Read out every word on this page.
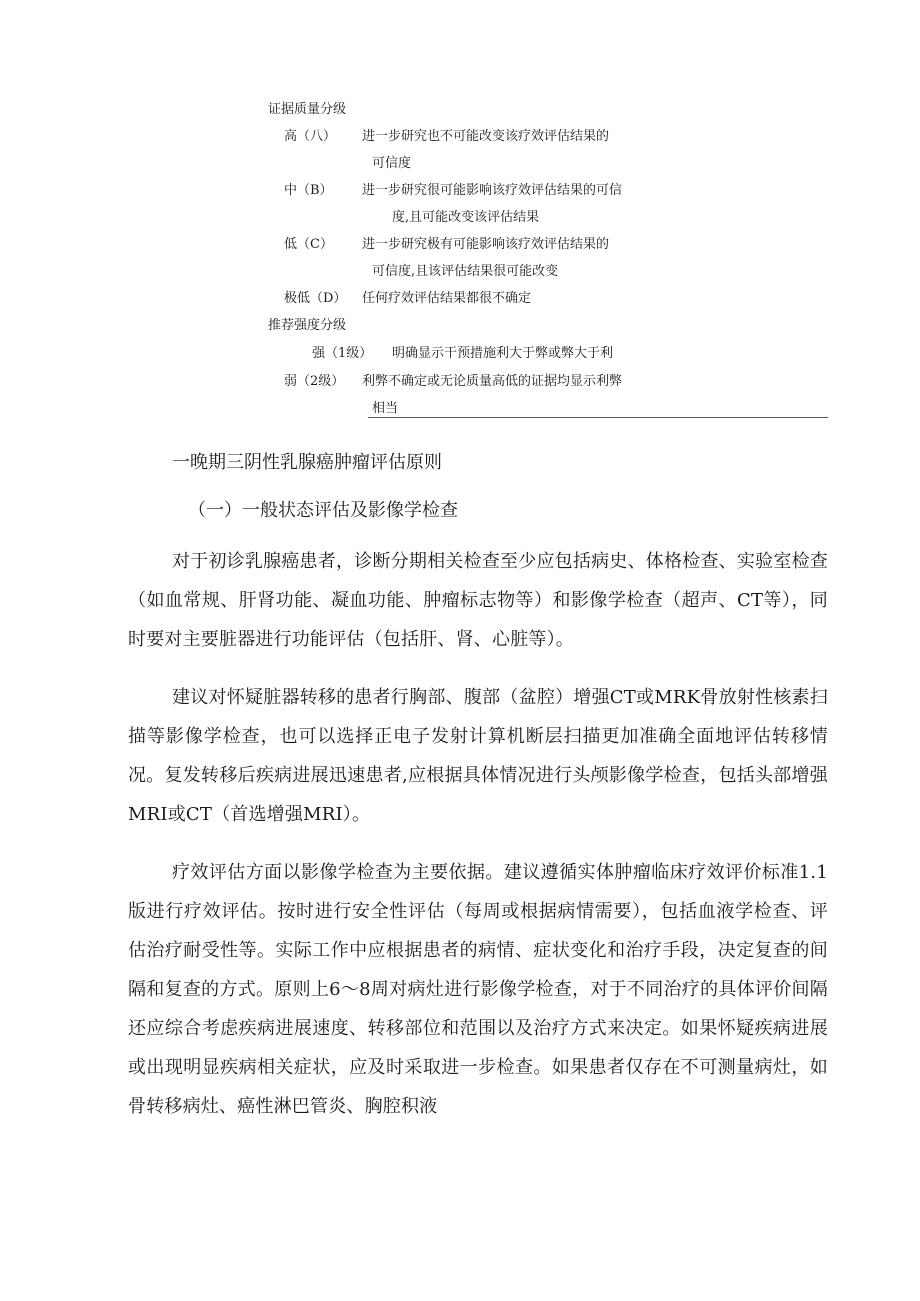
证据质量分级
高（八） 进一步研究也不可能改变该疗效评估结果的
可信度
中（B） 进一步研究很可能影响该疗效评估结果的可信
度,且可能改变该评估结果
低（C） 进一步研究极有可能影响该疗效评估结果的
可信度,且该评估结果很可能改变
极低（D） 任何疗效评估结果都很不确定
推荐强度分级
强（1级） 明确显示干预措施利大于弊或弊大于利
弱（2级） 利弊不确定或无论质量高低的证据均显示利弊
相当
一晚期三阴性乳腺癌肿瘤评估原则
（一）一般状态评估及影像学检查
对于初诊乳腺癌患者，诊断分期相关检查至少应包括病史、体格检查、实验室检查（如血常规、肝肾功能、凝血功能、肿瘤标志物等）和影像学检查（超声、CT等），同时要对主要脏器进行功能评估（包括肝、肾、心脏等）。
建议对怀疑脏器转移的患者行胸部、腹部（盆腔）增强CT或MRK骨放射性核素扫描等影像学检查，也可以选择正电子发射计算机断层扫描更加准确全面地评估转移情况。复发转移后疾病进展迅速患者,应根据具体情况进行头颅影像学检查，包括头部增强MRI或CT（首选增强MRI）。
疗效评估方面以影像学检查为主要依据。建议遵循实体肿瘤临床疗效评价标准1.1版进行疗效评估。按时进行安全性评估（每周或根据病情需要），包括血液学检查、评估治疗耐受性等。实际工作中应根据患者的病情、症状变化和治疗手段，决定复查的间隔和复查的方式。原则上6～8周对病灶进行影像学检查，对于不同治疗的具体评价间隔还应综合考虑疾病进展速度、转移部位和范围以及治疗方式来决定。如果怀疑疾病进展或出现明显疾病相关症状，应及时采取进一步检查。如果患者仅存在不可测量病灶，如骨转移病灶、癌性淋巴管炎、胸腔积液
